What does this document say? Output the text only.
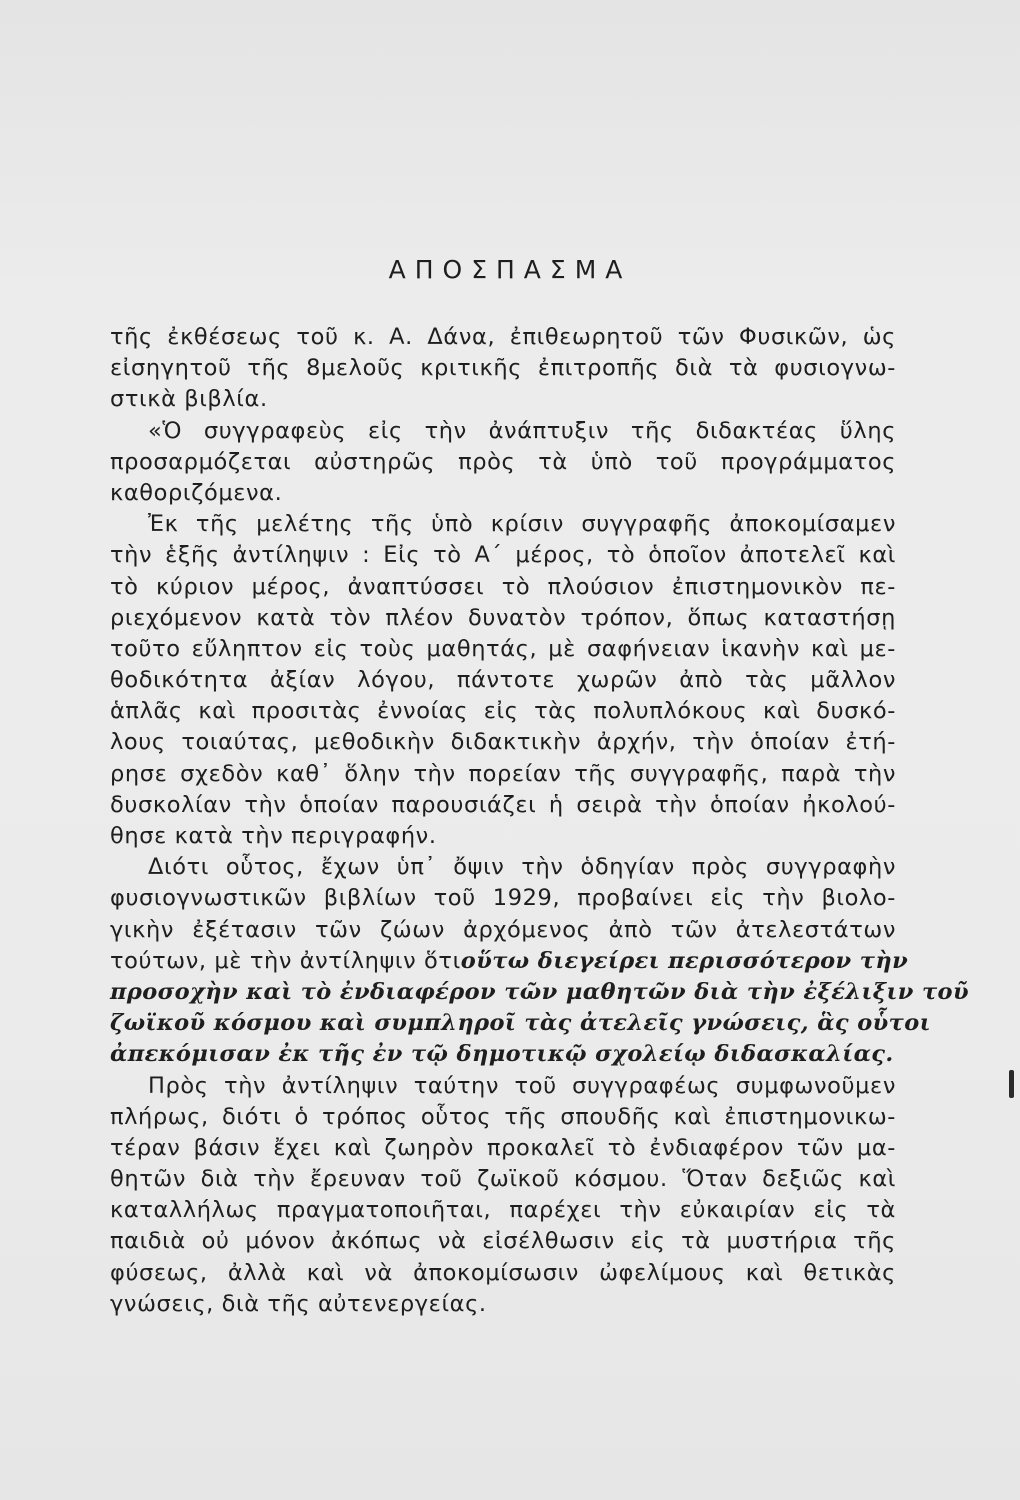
ΑΠΟΣΠΑΣΜΑ
τῆς ἐκθέσεως τοῦ κ. Α. Δάνα, ἐπιθεωρητοῦ τῶν Φυσικῶν, ὡς
εἰσηγητοῦ τῆς 8μελοῦς κριτικῆς ἐπιτροπῆς διὰ τὰ φυσιογνω-
στικὰ βιβλία.
«Ὁ συγγραφεὺς εἰς τὴν ἀνάπτυξιν τῆς διδακτέας ὕλης
προσαρμόζεται αὐστηρῶς πρὸς τὰ ὑπὸ τοῦ προγράμματος
καθοριζόμενα.
Ἐκ τῆς μελέτης τῆς ὑπὸ κρίσιν συγγραφῆς ἀποκομίσαμεν
τὴν ἑξῆς ἀντίληψιν : Εἰς τὸ Α΄ μέρος, τὸ ὁποῖον ἀποτελεῖ καὶ
τὸ κύριον μέρος, ἀναπτύσσει τὸ πλούσιον ἐπιστημονικὸν πε-
ριεχόμενον κατὰ τὸν πλέον δυνατὸν τρόπον, ὅπως καταστήσῃ
τοῦτο εὔληπτον εἰς τοὺς μαθητάς, μὲ σαφήνειαν ἱκανὴν καὶ με-
θοδικότητα ἀξίαν λόγου, πάντοτε χωρῶν ἀπὸ τὰς μᾶλλον
ἁπλᾶς καὶ προσιτὰς ἐννοίας εἰς τὰς πολυπλόκους καὶ δυσκό-
λους τοιαύτας, μεθοδικὴν διδακτικὴν ἀρχήν, τὴν ὁποίαν ἐτή-
ρησε σχεδὸν καθ᾽ ὅλην τὴν πορείαν τῆς συγγραφῆς, παρὰ τὴν
δυσκολίαν τὴν ὁποίαν παρουσιάζει ἡ σειρὰ τὴν ὁποίαν ἠκολού-
θησε κατὰ τὴν περιγραφήν.
Διότι οὗτος, ἔχων ὑπ᾽ ὄψιν τὴν ὁδηγίαν πρὸς συγγραφὴν
φυσιογνωστικῶν βιβλίων τοῦ 1929, προβαίνει εἰς τὴν βιολο-
γικὴν ἐξέτασιν τῶν ζώων ἀρχόμενος ἀπὸ τῶν ἀτελεστάτων
τούτων, μὲ τὴν ἀντίληψιν ὅτι οὕτω διεγείρει περισσότερον τὴν
προσοχὴν καὶ τὸ ἐνδιαφέρον τῶν μαθητῶν διὰ τὴν ἐξέλιξιν τοῦ
ζωϊκοῦ κόσμου καὶ συμπληροῖ τὰς ἀτελεῖς γνώσεις, ἃς οὗτοι
ἀπεκόμισαν ἐκ τῆς ἐν τῷ δημοτικῷ σχολείῳ διδασκαλίας.
Πρὸς τὴν ἀντίληψιν ταύτην τοῦ συγγραφέως συμφωνοῦμεν
πλήρως, διότι ὁ τρόπος οὗτος τῆς σπουδῆς καὶ ἐπιστημονικω-
τέραν βάσιν ἔχει καὶ ζωηρὸν προκαλεῖ τὸ ἐνδιαφέρον τῶν μα-
θητῶν διὰ τὴν ἔρευναν τοῦ ζωϊκοῦ κόσμου. Ὅταν δεξιῶς καὶ
καταλλήλως πραγματοποιῆται, παρέχει τὴν εὐκαιρίαν εἰς τὰ
παιδιὰ οὐ μόνον ἀκόπως νὰ εἰσέλθωσιν εἰς τὰ μυστήρια τῆς
φύσεως, ἀλλὰ καὶ νὰ ἀποκομίσωσιν ὠφελίμους καὶ θετικὰς
γνώσεις, διὰ τῆς αὐτενεργείας.
